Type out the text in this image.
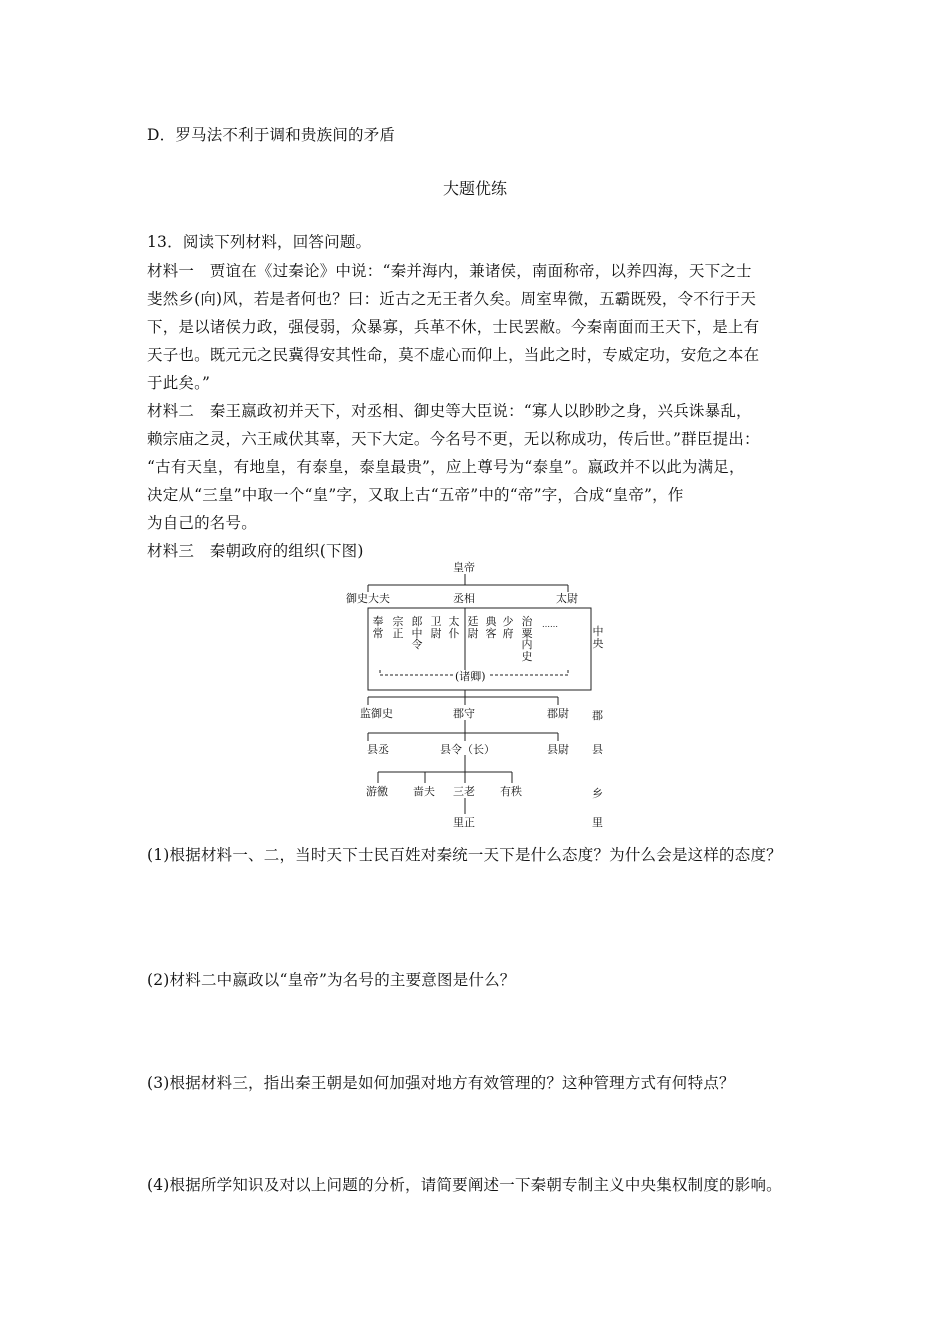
D．罗马法不利于调和贵族间的矛盾
大题优练
13．阅读下列材料，回答问题。
材料一　贾谊在《过秦论》中说：“秦并海内，兼诸侯，南面称帝，以养四海，天下之士
斐然乡(向)风，若是者何也？曰：近古之无王者久矣。周室卑微，五霸既殁，令不行于天
下，是以诸侯力政，强侵弱，众暴寡，兵革不休，士民罢敝。今秦南面而王天下，是上有
天子也。既元元之民冀得安其性命，莫不虚心而仰上，当此之时，专威定功，安危之本在
于此矣。”
材料二　秦王嬴政初并天下，对丞相、御史等大臣说：“寡人以眇眇之身，兴兵诛暴乱，
赖宗庙之灵，六王咸伏其辜，天下大定。今名号不更，无以称成功，传后世。”群臣提出：
“古有天皇，有地皇，有泰皇，泰皇最贵”，应上尊号为“泰皇”。嬴政并不以此为满足，
决定从“三皇”中取一个“皇”字，又取上古“五帝”中的“帝”字，合成“皇帝”，作
为自己的名号。
材料三　秦朝政府的组织(下图)
皇帝
御史大夫	丞相	太尉
奉常
宗正
郎中令
卫尉
太仆
廷尉
典客
少府
治粟内史
……
(诸卿)
监御史	郡守	郡尉
县丞	县令（长）	县尉
游徼 啬夫 三老 有秩
里正
中央
郡
县
乡
里
(1)根据材料一、二，当时天下士民百姓对秦统一天下是什么态度？为什么会是这样的态度？
(2)材料二中嬴政以“皇帝”为名号的主要意图是什么？
(3)根据材料三，指出秦王朝是如何加强对地方有效管理的？这种管理方式有何特点？
(4)根据所学知识及对以上问题的分析，请简要阐述一下秦朝专制主义中央集权制度的影响。
